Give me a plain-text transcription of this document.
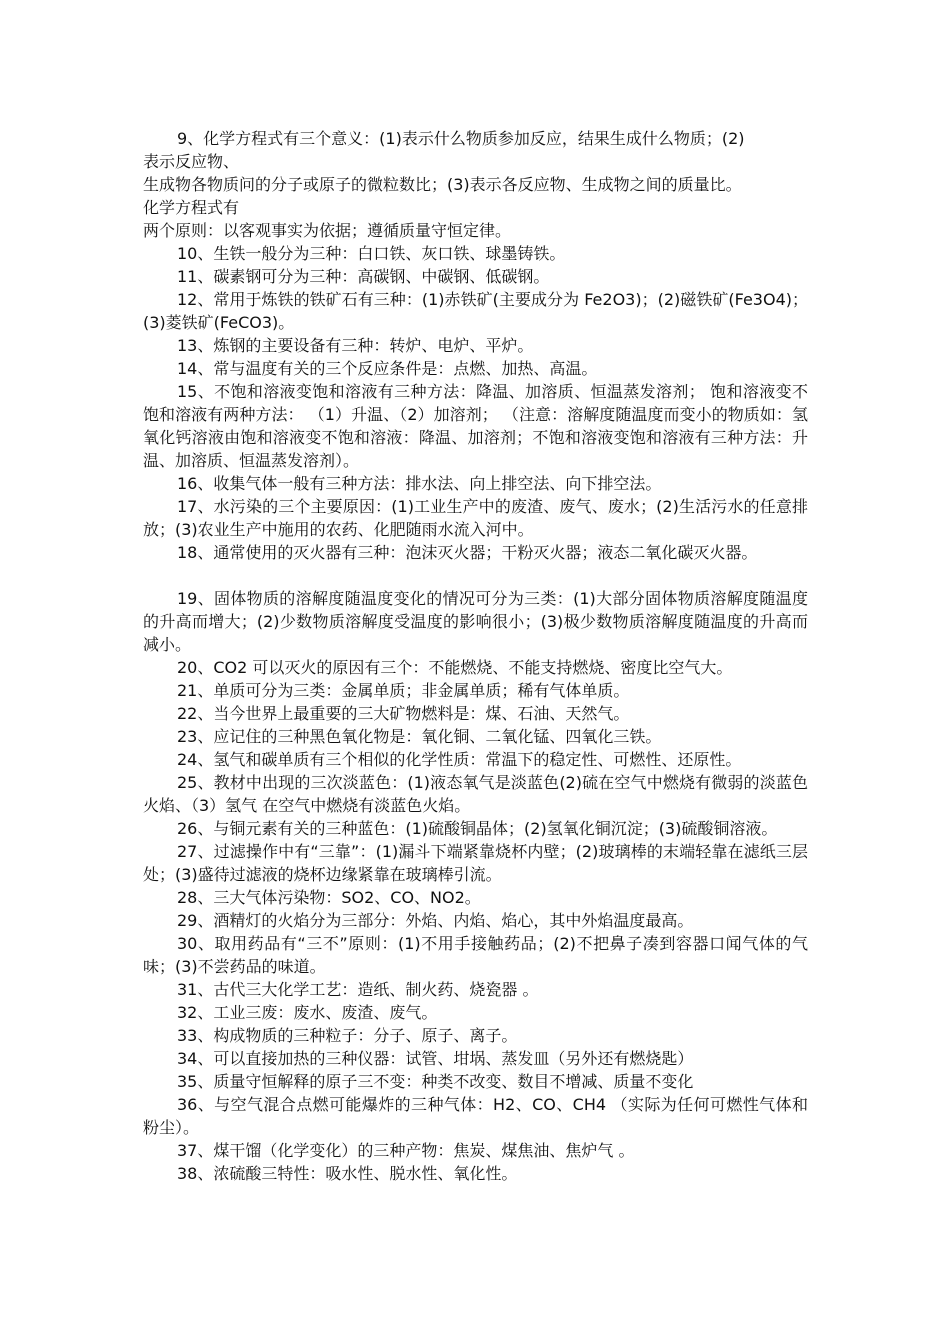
9、化学方程式有三个意义：(1)表示什么物质参加反应，结果生成什么物质；(2)

表示反应物、

生成物各物质问的分子或原子的微粒数比；(3)表示各反应物、生成物之间的质量比。

化学方程式有

两个原则：以客观事实为依据；遵循质量守恒定律。

10、生铁一般分为三种：白口铁、灰口铁、球墨铸铁。

11、碳素钢可分为三种：高碳钢、中碳钢、低碳钢。

12、常用于炼铁的铁矿石有三种：(1)赤铁矿(主要成分为 Fe2O3)；(2)磁铁矿(Fe3O4)；(3)菱铁矿(FeCO3)。

13、炼钢的主要设备有三种：转炉、电炉、平炉。

14、常与温度有关的三个反应条件是：点燃、加热、高温。

15、不饱和溶液变饱和溶液有三种方法：降温、加溶质、恒温蒸发溶剂； 饱和溶液变不饱和溶液有两种方法： （1）升温、（2）加溶剂； （注意：溶解度随温度而变小的物质如：氢氧化钙溶液由饱和溶液变不饱和溶液：降温、加溶剂；不饱和溶液变饱和溶液有三种方法：升温、加溶质、恒温蒸发溶剂）。

16、收集气体一般有三种方法：排水法、向上排空法、向下排空法。

17、水污染的三个主要原因：(1)工业生产中的废渣、废气、废水；(2)生活污水的任意排放；(3)农业生产中施用的农药、化肥随雨水流入河中。

18、通常使用的灭火器有三种：泡沫灭火器；干粉灭火器；液态二氧化碳灭火器。

19、固体物质的溶解度随温度变化的情况可分为三类：(1)大部分固体物质溶解度随温度的升高而增大；(2)少数物质溶解度受温度的影响很小；(3)极少数物质溶解度随温度的升高而减小。

20、CO2 可以灭火的原因有三个：不能燃烧、不能支持燃烧、密度比空气大。

21、单质可分为三类：金属单质；非金属单质；稀有气体单质。

22、当今世界上最重要的三大矿物燃料是：煤、石油、天然气。

23、应记住的三种黑色氧化物是：氧化铜、二氧化锰、四氧化三铁。

24、氢气和碳单质有三个相似的化学性质：常温下的稳定性、可燃性、还原性。

25、教材中出现的三次淡蓝色：(1)液态氧气是淡蓝色(2)硫在空气中燃烧有微弱的淡蓝色火焰、（3）氢气 在空气中燃烧有淡蓝色火焰。

26、与铜元素有关的三种蓝色：(1)硫酸铜晶体；(2)氢氧化铜沉淀；(3)硫酸铜溶液。

27、过滤操作中有“三靠”：(1)漏斗下端紧靠烧杯内壁；(2)玻璃棒的末端轻靠在滤纸三层处；(3)盛待过滤液的烧杯边缘紧靠在玻璃棒引流。

28、三大气体污染物：SO2、CO、NO2。

29、酒精灯的火焰分为三部分：外焰、内焰、焰心，其中外焰温度最高。

30、取用药品有“三不”原则：(1)不用手接触药品；(2)不把鼻子凑到容器口闻气体的气味；(3)不尝药品的味道。

31、古代三大化学工艺：造纸、制火药、烧瓷器 。

32、工业三废：废水、废渣、废气。

33、构成物质的三种粒子：分子、原子、离子。

34、可以直接加热的三种仪器：试管、坩埚、蒸发皿（另外还有燃烧匙）

35、质量守恒解释的原子三不变：种类不改变、数目不增减、质量不变化

36、与空气混合点燃可能爆炸的三种气体：H2、CO、CH4 （实际为任何可燃性气体和粉尘）。

37、煤干馏（化学变化）的三种产物：焦炭、煤焦油、焦炉气 。

38、浓硫酸三特性：吸水性、脱水性、氧化性。
